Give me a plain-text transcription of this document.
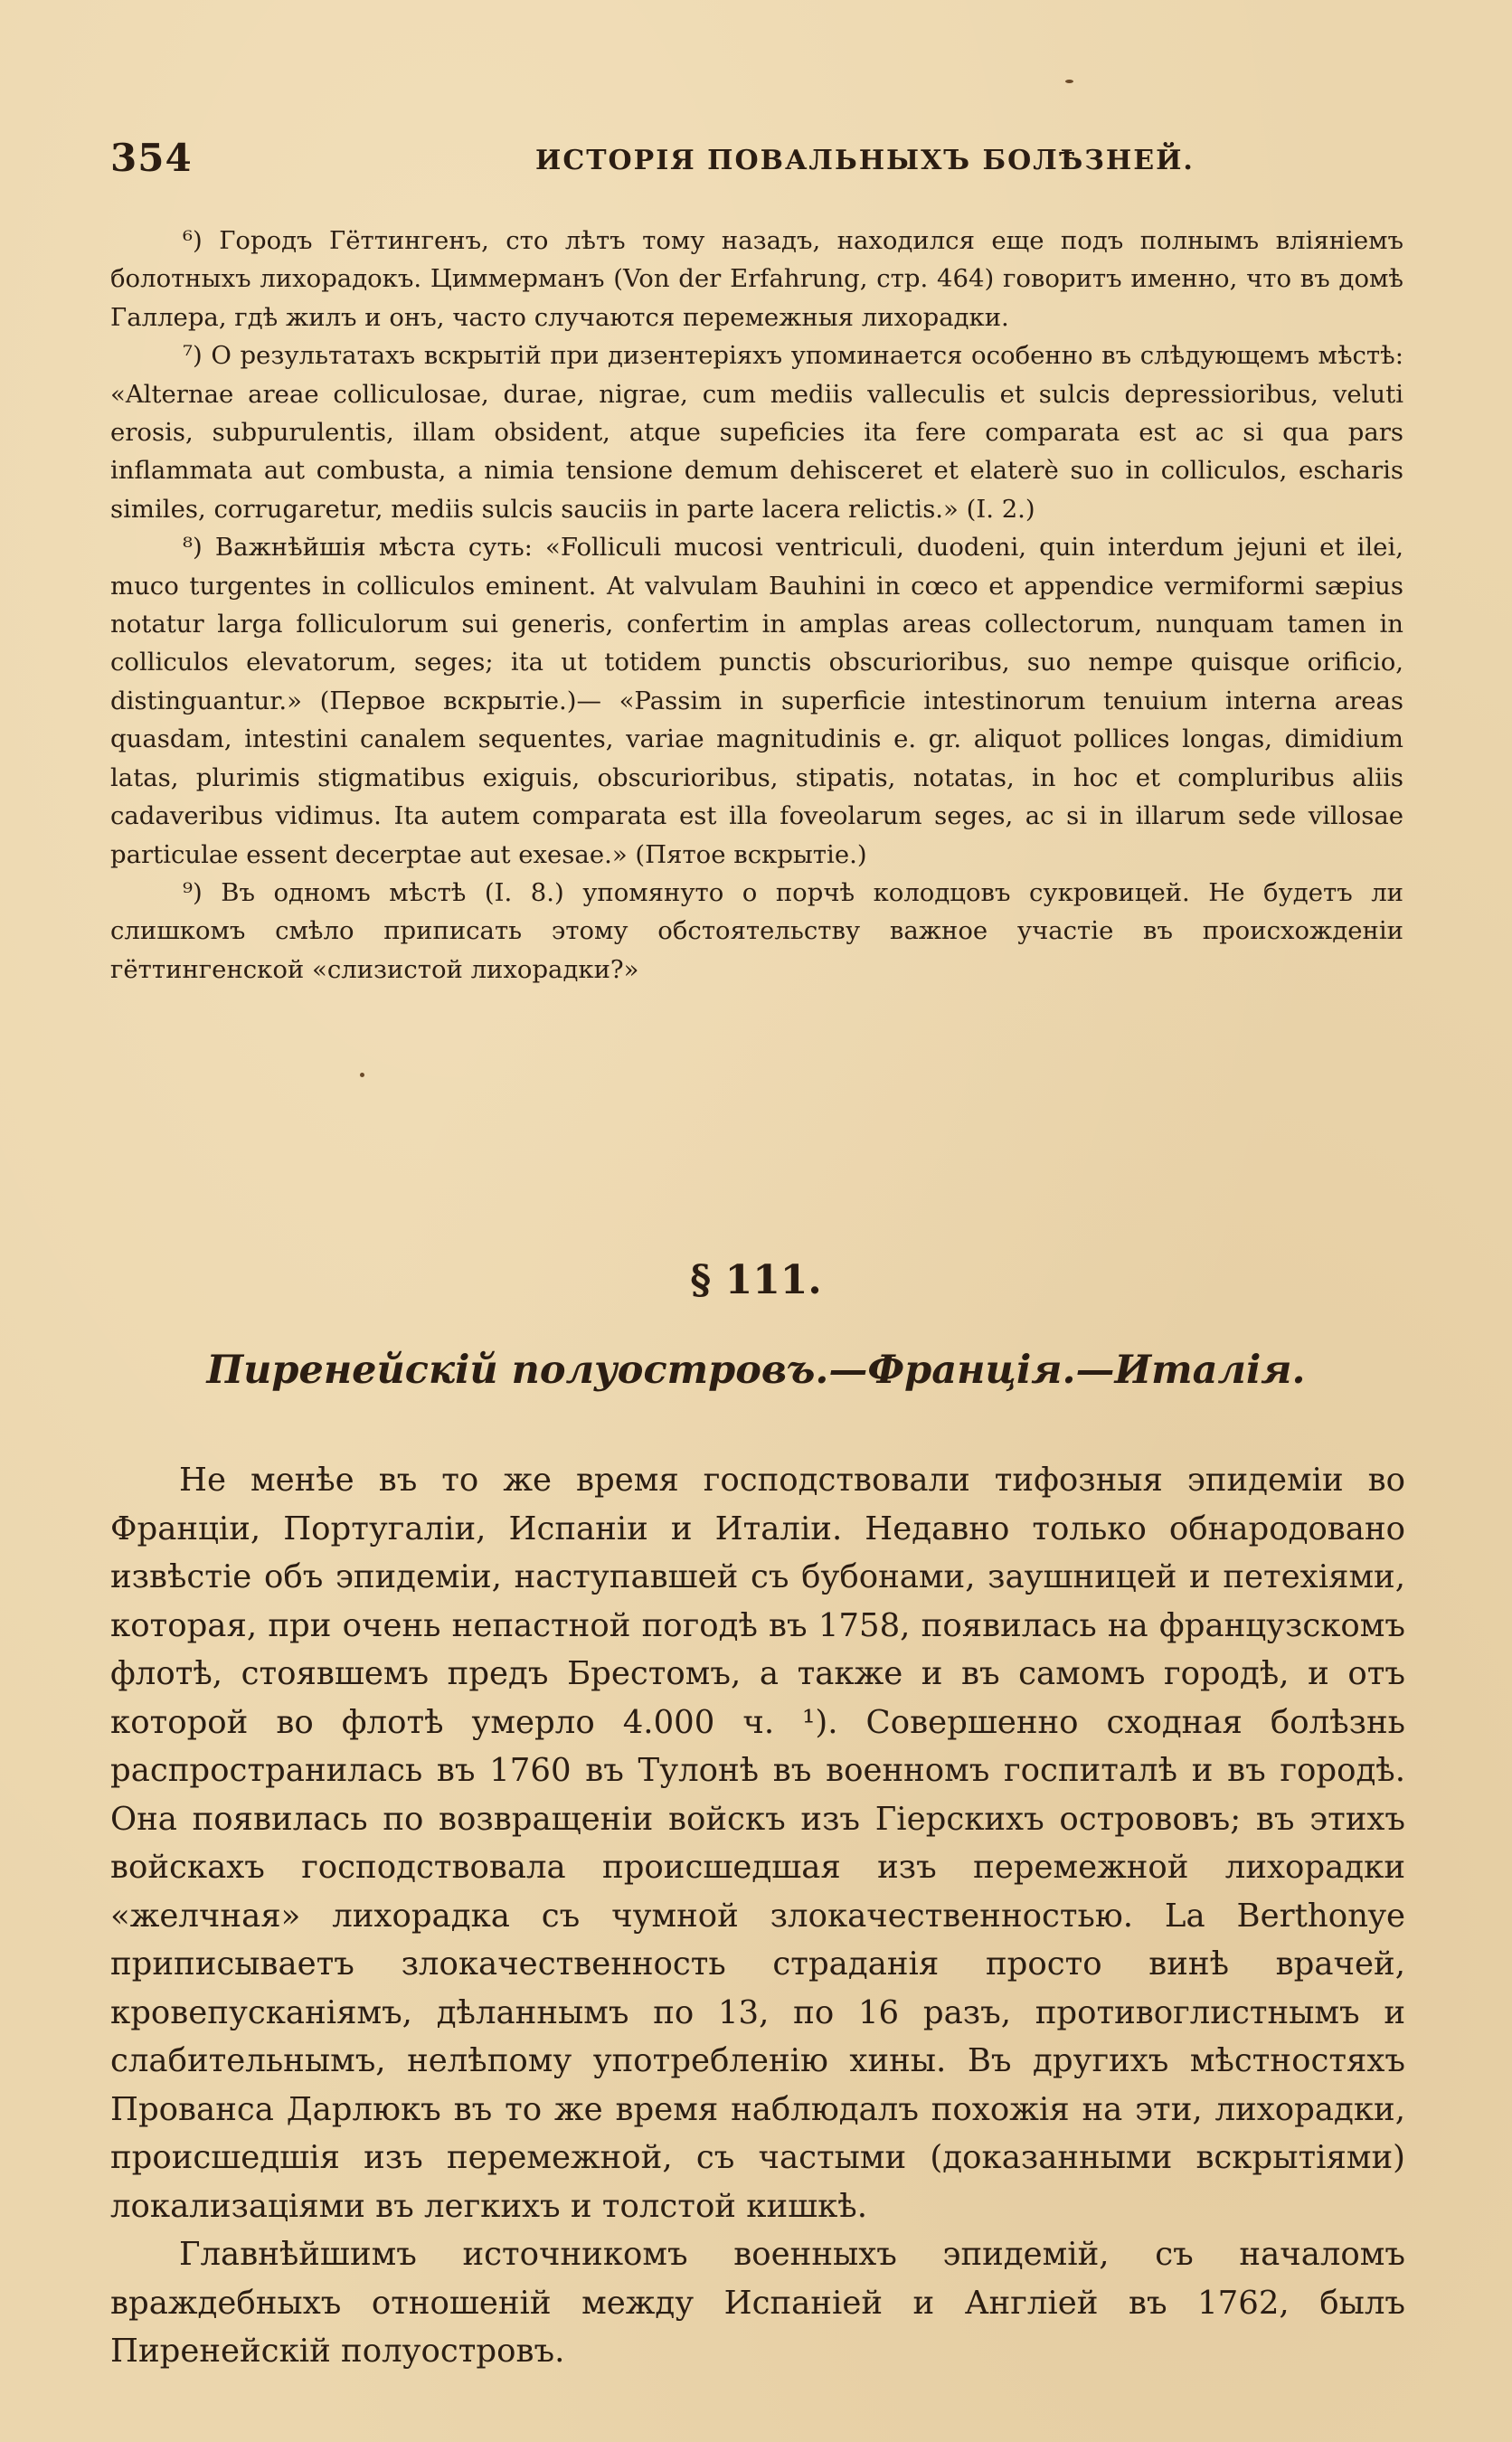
354	ИСТОРІЯ ПОВАЛЬНЫХЪ БОЛѢЗНЕЙ.

⁶) Городъ Гёттингенъ, сто лѣтъ тому назадъ, находился еще подъ полнымъ вліяніемъ болотныхъ лихорадокъ. Циммерманъ (Von der Erfahrung, стр. 464) говоритъ именно, что въ домѣ Галлера, гдѣ жилъ и онъ, часто случаются перемежныя лихорадки.

⁷) О результатахъ вскрытій при дизентеріяхъ упоминается особенно въ слѣдующемъ мѣстѣ: «Alternae areae colliculosae, durae, nigrae, cum mediis valleculis et sulcis depressioribus, veluti erosis, subpurulentis, illam obsident, atque supeficies ita fere comparata est ac si qua pars inflammata aut combusta, a nimia tensione demum dehisceret et elaterè suo in colliculos, escharis similes, corrugaretur, mediis sulcis sauciis in parte lacera relictis.» (I. 2.)

⁸) Важнѣйшія мѣста суть: «Folliculi mucosi ventriculi, duodeni, quin interdum jejuni et ilei, muco turgentes in colliculos eminent. At valvulam Bauhini in cœco et appendice vermiformi sæpius notatur larga folliculorum sui generis, confertim in amplas areas collectorum, nunquam tamen in colliculos elevatorum, seges; ita ut totidem punctis obscurioribus, suo nempe quisque orificio, distinguantur.» (Первое вскрытіе.)— «Passim in superficie intestinorum tenuium interna areas quasdam, intestini canalem sequentes, variae magnitudinis e. gr. aliquot pollices longas, dimidium latas, plurimis stigmatibus exiguis, obscurioribus, stipatis, notatas, in hoc et compluribus aliis cadaveribus vidimus. Ita autem comparata est illa foveolarum seges, ac si in illarum sede villosae particulae essent decerptae aut exesae.» (Пятое вскрытіе.)

⁹) Въ одномъ мѣстѣ (I. 8.) упомянуто о порчѣ колодцовъ сукровицей. Не будетъ ли слишкомъ смѣло приписать этому обстоятельству важное участіе въ происхожденіи гёттингенской «слизистой лихорадки?»

§ 111.
Пиренейскій полуостровъ.—Франція.—Италія.

Не менѣе въ то же время господствовали тифозныя эпидеміи во Франціи, Португаліи, Испаніи и Италіи. Недавно только обнародовано извѣстіе объ эпидеміи, наступавшей съ бубонами, заушницей и петехіями, которая, при очень непастной погодѣ въ 1758, появилась на французскомъ флотѣ, стоявшемъ предъ Брестомъ, а также и въ самомъ городѣ, и отъ которой во флотѣ умерло 4.000 ч. ¹). Совершенно сходная болѣзнь распространилась въ 1760 въ Тулонѣ въ военномъ госпиталѣ и въ городѣ. Она появилась по возвращеніи войскъ изъ Гіерскихъ острововъ; въ этихъ войскахъ господствовала происшедшая изъ перемежной лихорадки «желчная» лихорадка съ чумной злокачественностью. La Berthonye приписываетъ злокачественность страданія просто винѣ врачей, кровепусканіямъ, дѣланнымъ по 13, по 16 разъ, противоглистнымъ и слабительнымъ, нелѣпому употребленію хины. Въ другихъ мѣстностяхъ Прованса Дарлюкъ въ то же время наблюдалъ похожія на эти, лихорадки, происшедшія изъ перемежной, съ частыми (доказанными вскрытіями) локализаціями въ легкихъ и толстой кишкѣ.

Главнѣйшимъ источникомъ военныхъ эпидемій, съ началомъ враждебныхъ отношеній между Испаніей и Англіей въ 1762, былъ Пиренейскій полуостровъ.
